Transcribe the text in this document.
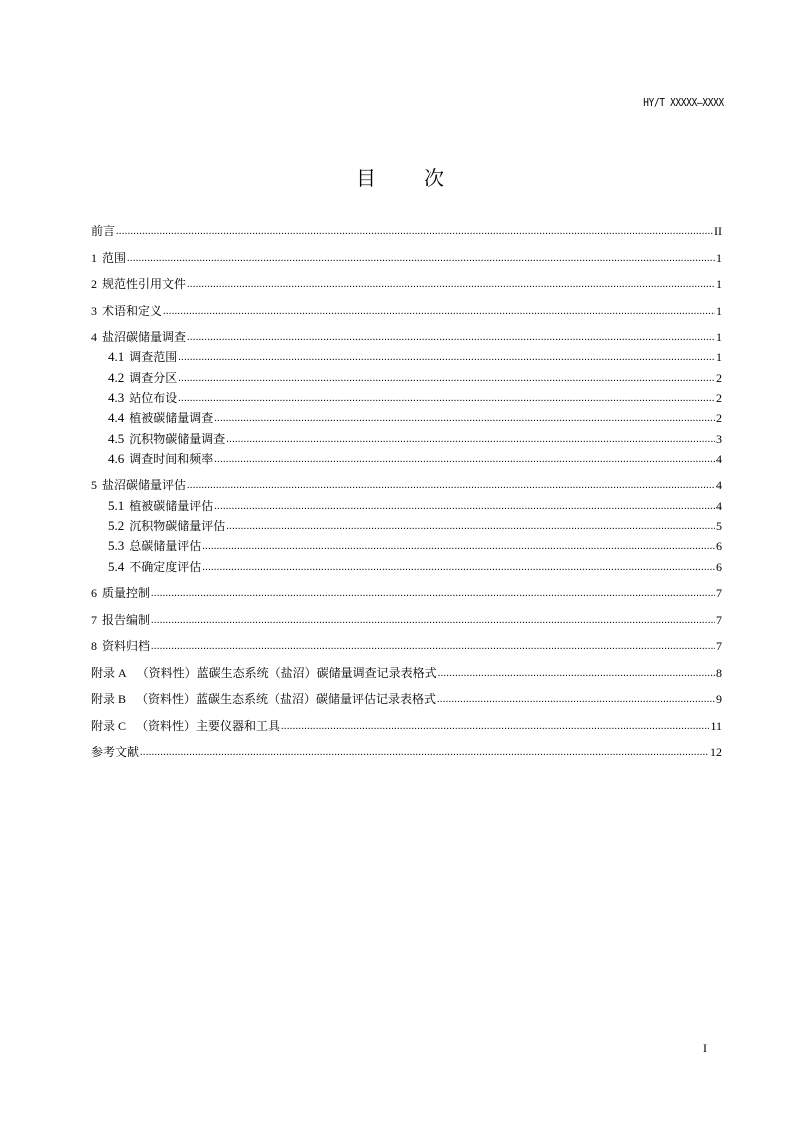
HY/T XXXXX—XXXX
目 次
前言 .....	II
1 范围 .....	1
2 规范性引用文件 .....	1
3 术语和定义 .....	1
4 盐沼碳储量调查 .....	1
4.1 调查范围 .....	1
4.2 调查分区 .....	2
4.3 站位布设 .....	2
4.4 植被碳储量调查 .....	2
4.5 沉积物碳储量调查 .....	3
4.6 调查时间和频率 .....	4
5 盐沼碳储量评估 .....	4
5.1 植被碳储量评估 .....	4
5.2 沉积物碳储量评估 .....	5
5.3 总碳储量评估 .....	6
5.4 不确定度评估 .....	6
6 质量控制 .....	7
7 报告编制 .....	7
8 资料归档 .....	7
附录 A （资料性）蓝碳生态系统（盐沼）碳储量调查记录表格式 .....	8
附录 B （资料性）蓝碳生态系统（盐沼）碳储量评估记录表格式 .....	9
附录 C （资料性）主要仪器和工具 .....	11
参考文献 .....	12
I
